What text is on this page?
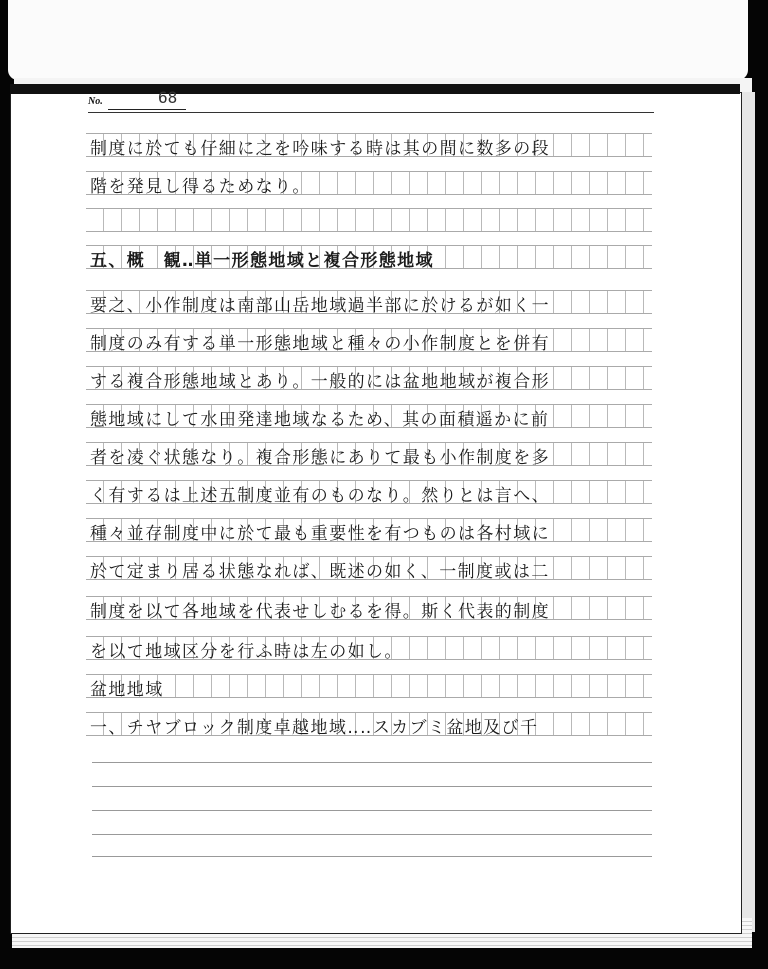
No.	68
制度に於ても仔細に之を吟味する時は其の間に数多の段
階を発見し得るためなり。
五、概　観‥単一形態地域と複合形態地域
要之、小作制度は南部山岳地域過半部に於けるが如く一
制度のみ有する単一形態地域と種々の小作制度とを併有
する複合形態地域とあり。一般的には盆地地域が複合形
態地域にして水田発達地域なるため、其の面積遥かに前
者を凌ぐ状態なり。複合形態にありて最も小作制度を多
く有するは上述五制度並有のものなり。然りとは言へ、
種々並存制度中に於て最も重要性を有つものは各村域に
於て定まり居る状態なれば、既述の如く、一制度或は二
制度を以て各地域を代表せしむるを得。斯く代表的制度
を以て地域区分を行ふ時は左の如し。
盆地地域
一、チヤブロック制度卓越地域‥‥スカブミ盆地及び千
